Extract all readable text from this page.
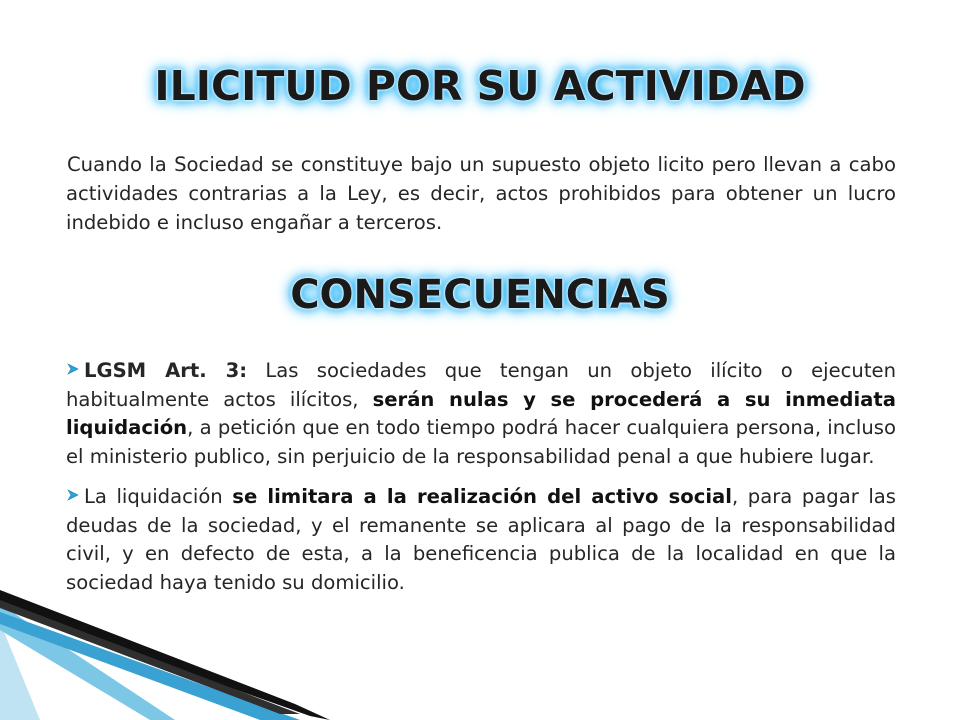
ILICITUD POR SU ACTIVIDAD

Cuando la Sociedad se constituye bajo un supuesto objeto licito pero llevan a cabo actividades contrarias a la Ley, es decir, actos prohibidos para obtener un lucro indebido e incluso engañar a terceros.

CONSECUENCIAS
LGSM Art. 3: Las sociedades que tengan un objeto ilícito o ejecuten habitualmente actos ilícitos, serán nulas y se procederá a su inmediata liquidación, a petición que en todo tiempo podrá hacer cualquiera persona, incluso el ministerio publico, sin perjuicio de la responsabilidad penal a que hubiere lugar.
La liquidación se limitara a la realización del activo social, para pagar las deudas de la sociedad, y el remanente se aplicara al pago de la responsabilidad civil, y en defecto de esta, a la beneficencia publica de la localidad en que la sociedad haya tenido su domicilio.
